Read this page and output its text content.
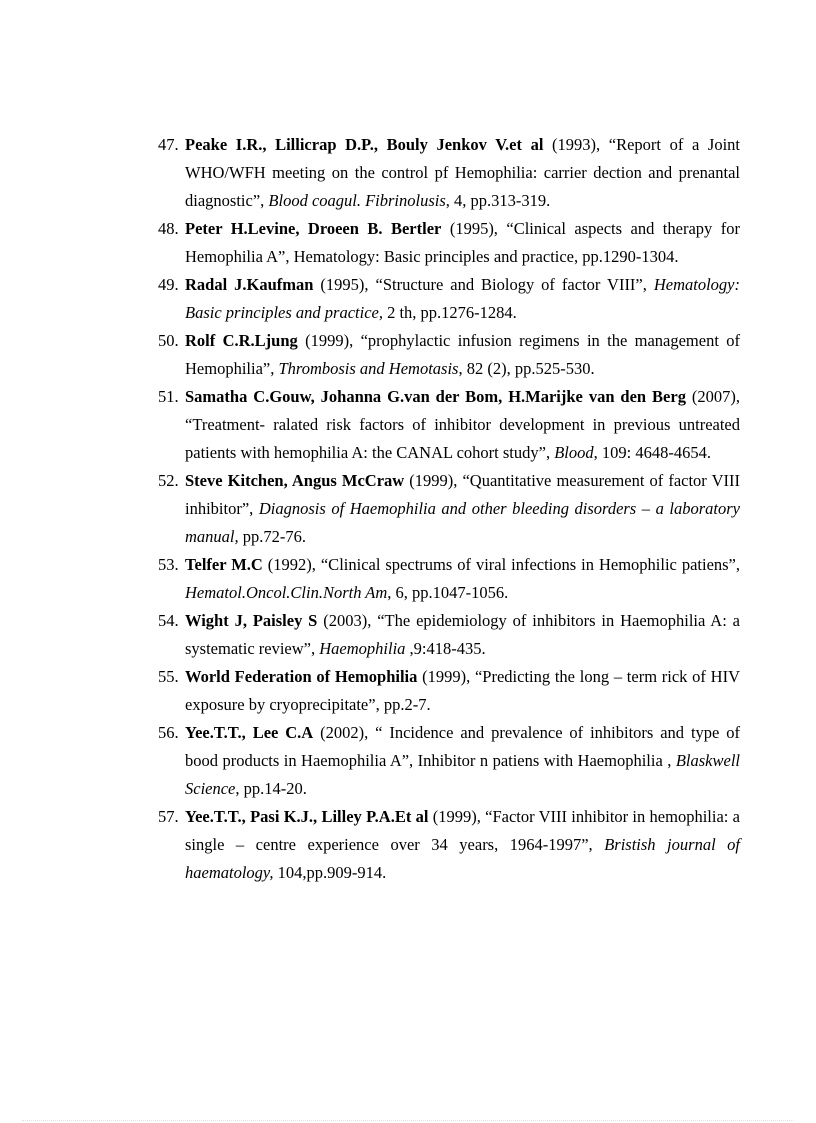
47. Peake I.R., Lillicrap D.P., Bouly Jenkov V.et al (1993), “Report of a Joint WHO/WFH meeting on the control pf Hemophilia: carrier dection and prenantal diagnostic”, Blood coagul. Fibrinolusis, 4, pp.313-319.
48. Peter H.Levine, Droeen B. Bertler (1995), “Clinical aspects and therapy for Hemophilia A”, Hematology: Basic principles and practice, pp.1290-1304.
49. Radal J.Kaufman (1995), “Structure and Biology of factor VIII”, Hematology: Basic principles and practice, 2 th, pp.1276-1284.
50. Rolf C.R.Ljung (1999), “prophylactic infusion regimens in the management of Hemophilia”, Thrombosis and Hemotasis, 82 (2), pp.525-530.
51. Samatha C.Gouw, Johanna G.van der Bom, H.Marijke van den Berg (2007), “Treatment- ralated risk factors of inhibitor development in previous untreated patients with hemophilia A: the CANAL cohort study”, Blood, 109: 4648-4654.
52. Steve Kitchen, Angus McCraw (1999), “Quantitative measurement of factor VIII inhibitor”, Diagnosis of Haemophilia and other bleeding disorders – a laboratory manual, pp.72-76.
53. Telfer M.C (1992), “Clinical spectrums of viral infections in Hemophilic patiens”, Hematol.Oncol.Clin.North Am, 6, pp.1047-1056.
54. Wight J, Paisley S (2003), “The epidemiology of inhibitors in Haemophilia A: a systematic review”, Haemophilia ,9:418-435.
55. World Federation of Hemophilia (1999), “Predicting the long – term rick of HIV exposure by cryoprecipitate”, pp.2-7.
56. Yee.T.T., Lee C.A (2002), “ Incidence and prevalence of inhibitors and type of bood products in Haemophilia A”, Inhibitor n patiens with Haemophilia , Blaskwell Science, pp.14-20.
57. Yee.T.T., Pasi K.J., Lilley P.A.Et al (1999), “Factor VIII inhibitor in hemophilia: a single – centre experience over 34 years, 1964-1997”, Bristish journal of haematology, 104,pp.909-914.
